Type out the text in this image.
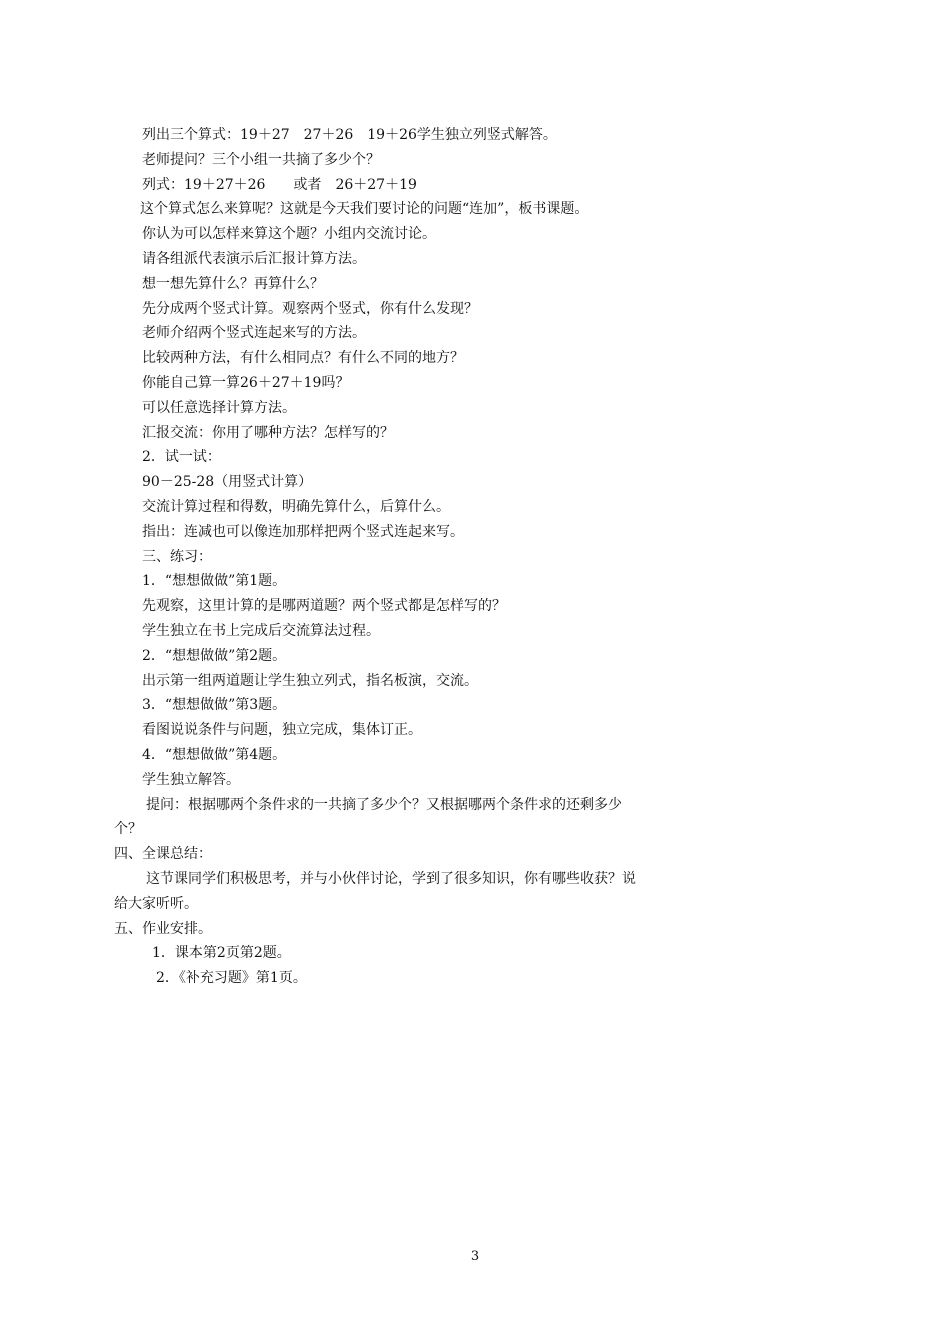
列出三个算式：19＋27　27＋26　19＋26学生独立列竖式解答。
老师提问？三个小组一共摘了多少个？
列式：19＋27＋26　　或者　26＋27＋19
这个算式怎么来算呢？这就是今天我们要讨论的问题“连加”，板书课题。
你认为可以怎样来算这个题？小组内交流讨论。
请各组派代表演示后汇报计算方法。
想一想先算什么？再算什么？
先分成两个竖式计算。观察两个竖式，你有什么发现？
老师介绍两个竖式连起来写的方法。
比较两种方法，有什么相同点？有什么不同的地方？
你能自己算一算26＋27＋19吗？
可以任意选择计算方法。
汇报交流：你用了哪种方法？怎样写的？
2．试一试：
90－25-28（用竖式计算）
交流计算过程和得数，明确先算什么，后算什么。
指出：连减也可以像连加那样把两个竖式连起来写。
三、练习：
1．“想想做做”第1题。
先观察，这里计算的是哪两道题？两个竖式都是怎样写的？
学生独立在书上完成后交流算法过程。
2．“想想做做”第2题。
出示第一组两道题让学生独立列式，指名板演，交流。
3．“想想做做”第3题。
看图说说条件与问题，独立完成，集体订正。
4．“想想做做”第4题。
学生独立解答。
提问：根据哪两个条件求的一共摘了多少个？又根据哪两个条件求的还剩多少
个？
四、全课总结：
这节课同学们积极思考，并与小伙伴讨论，学到了很多知识，你有哪些收获？说
给大家听听。
五、作业安排。
1．课本第2页第2题。
2．《补充习题》第1页。
3
